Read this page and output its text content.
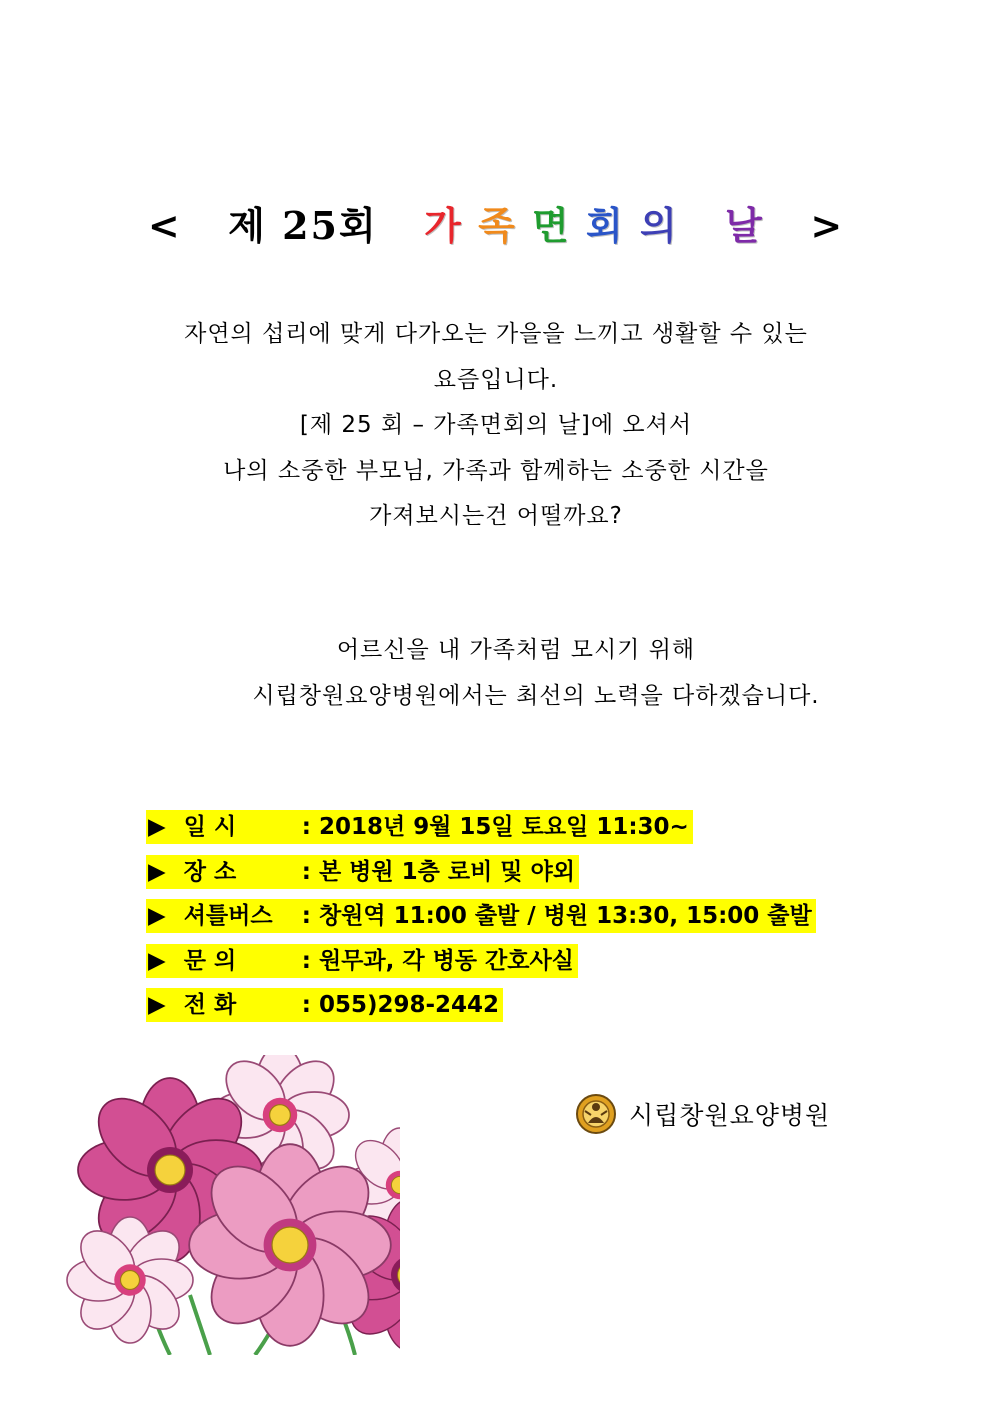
< 제 25회 가 족 면 회 의 날 >
자연의 섭리에 맞게 다가오는 가을을 느끼고 생활할 수 있는
요즘입니다.
[제 25 회 – 가족면회의 날]에 오셔서
나의 소중한 부모님, 가족과 함께하는 소중한 시간을
가져보시는건 어떨까요?
어르신을 내 가족처럼 모시기 위해
시립창원요양병원에서는 최선의 노력을 다하겠습니다.
▶ 일 시	: 2018년 9월 15일 토요일 11:30~
▶ 장 소	: 본 병원 1층 로비 및 야외
▶ 셔틀버스 : 창원역 11:00 출발 / 병원 13:30, 15:00 출발
▶ 문 의	: 원무과, 각 병동 간호사실
▶ 전 화	: 055)298-2442
시립창원요양병원
